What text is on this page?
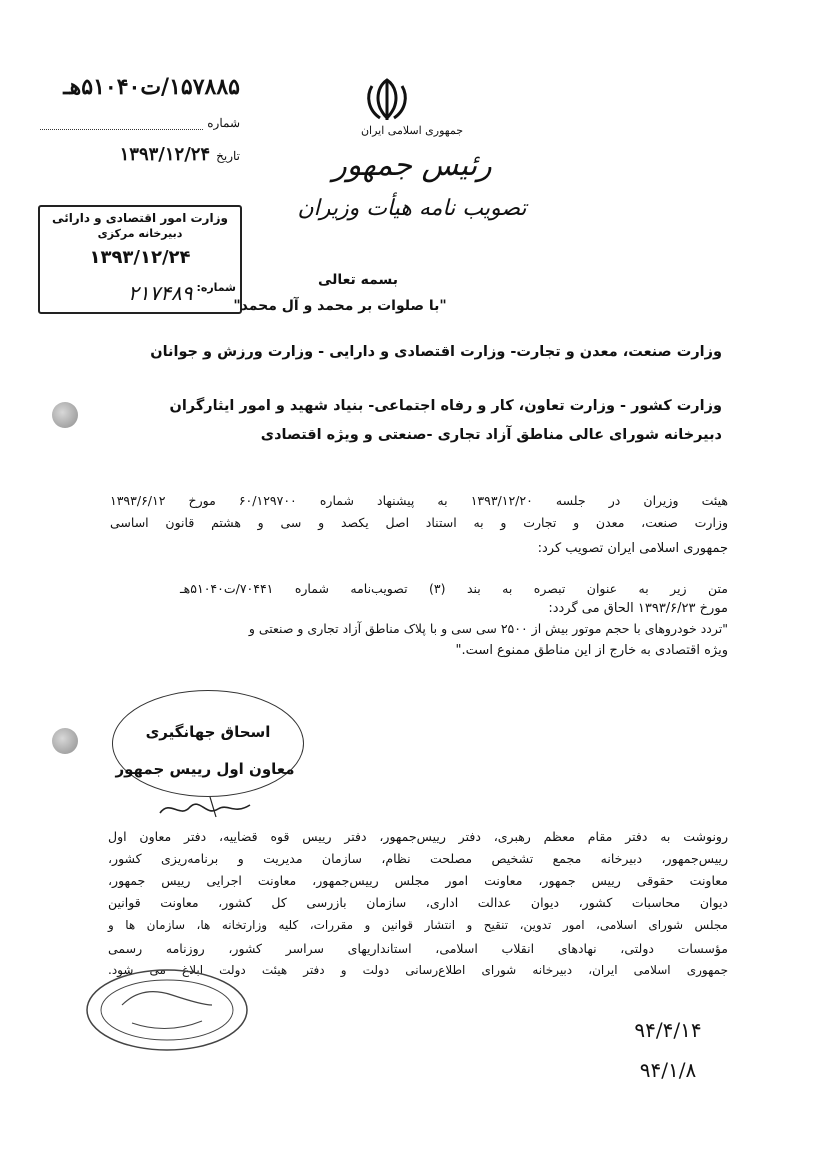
جمهوری اسلامی ایران
رئیس جمهور
تصویب نامه هیأت وزیران
۱۵۷۸۸۵/ت۵۱۰۴۰هـ
شماره
تاریخ
۱۳۹۳/۱۲/۲۴
وزارت امور اقتصادی و دارائی
دبیرخانه مرکزی
۱۳۹۳/۱۲/۲۴
شماره:
۲۱۷۴۸۹
بسمه تعالی
"با صلوات بر محمد و آل محمد"
وزارت صنعت، معدن و تجارت- وزارت اقتصادی و دارایی - وزارت ورزش و جوانان
وزارت کشور - وزارت تعاون، کار و رفاه اجتماعی- بنیاد شهید و امور ایثارگران
دبیرخانه شورای عالی مناطق آزاد تجاری -صنعتی و ویژه اقتصادی
هیئت وزیران در جلسه ۱۳۹۳/۱۲/۲۰ به پیشنهاد شماره ۶۰/۱۲۹۷۰۰ مورخ ۱۳۹۳/۶/۱۲
وزارت صنعت، معدن و تجارت و به استناد اصل یکصد و سی و هشتم قانون اساسی
جمهوری اسلامی ایران تصویب کرد:
متن زیر به عنوان تبصره به بند (۳) تصویب‌نامه شماره ۷۰۴۴۱/ت۵۱۰۴۰هـ
مورخ ۱۳۹۳/۶/۲۳ الحاق می گردد:
"تردد خودروهای با حجم موتور بیش از ۲۵۰۰ سی سی و با پلاک مناطق آزاد تجاری و صنعتی و
ویژه اقتصادی به خارج از این مناطق ممنوع است."
اسحاق جهانگیری
معاون اول رییس جمهور
رونوشت به دفتر مقام معظم رهبری، دفتر رییس‌جمهور، دفتر رییس قوه قضاییه، دفتر معاون اول
رییس‌جمهور، دبیرخانه مجمع تشخیص مصلحت نظام، سازمان مدیریت و برنامه‌ریزی کشور،
معاونت حقوقی رییس جمهور، معاونت امور مجلس رییس‌جمهور، معاونت اجرایی رییس جمهور،
دیوان محاسبات کشور، دیوان عدالت اداری، سازمان بازرسی کل کشور، معاونت قوانین
مجلس شورای اسلامی، امور تدوین، تنقیح و انتشار قوانین و مقررات، کلیه وزارتخانه ها، سازمان ها و
مؤسسات دولتی، نهادهای انقلاب اسلامی، استانداریهای سراسر کشور، روزنامه رسمی
جمهوری اسلامی ایران، دبیرخانه شورای اطلاع‌رسانی دولت و دفتر هیئت دولت ابلاغ می شود.
۹۴/۴/۱۴
۹۴/۱/۸
